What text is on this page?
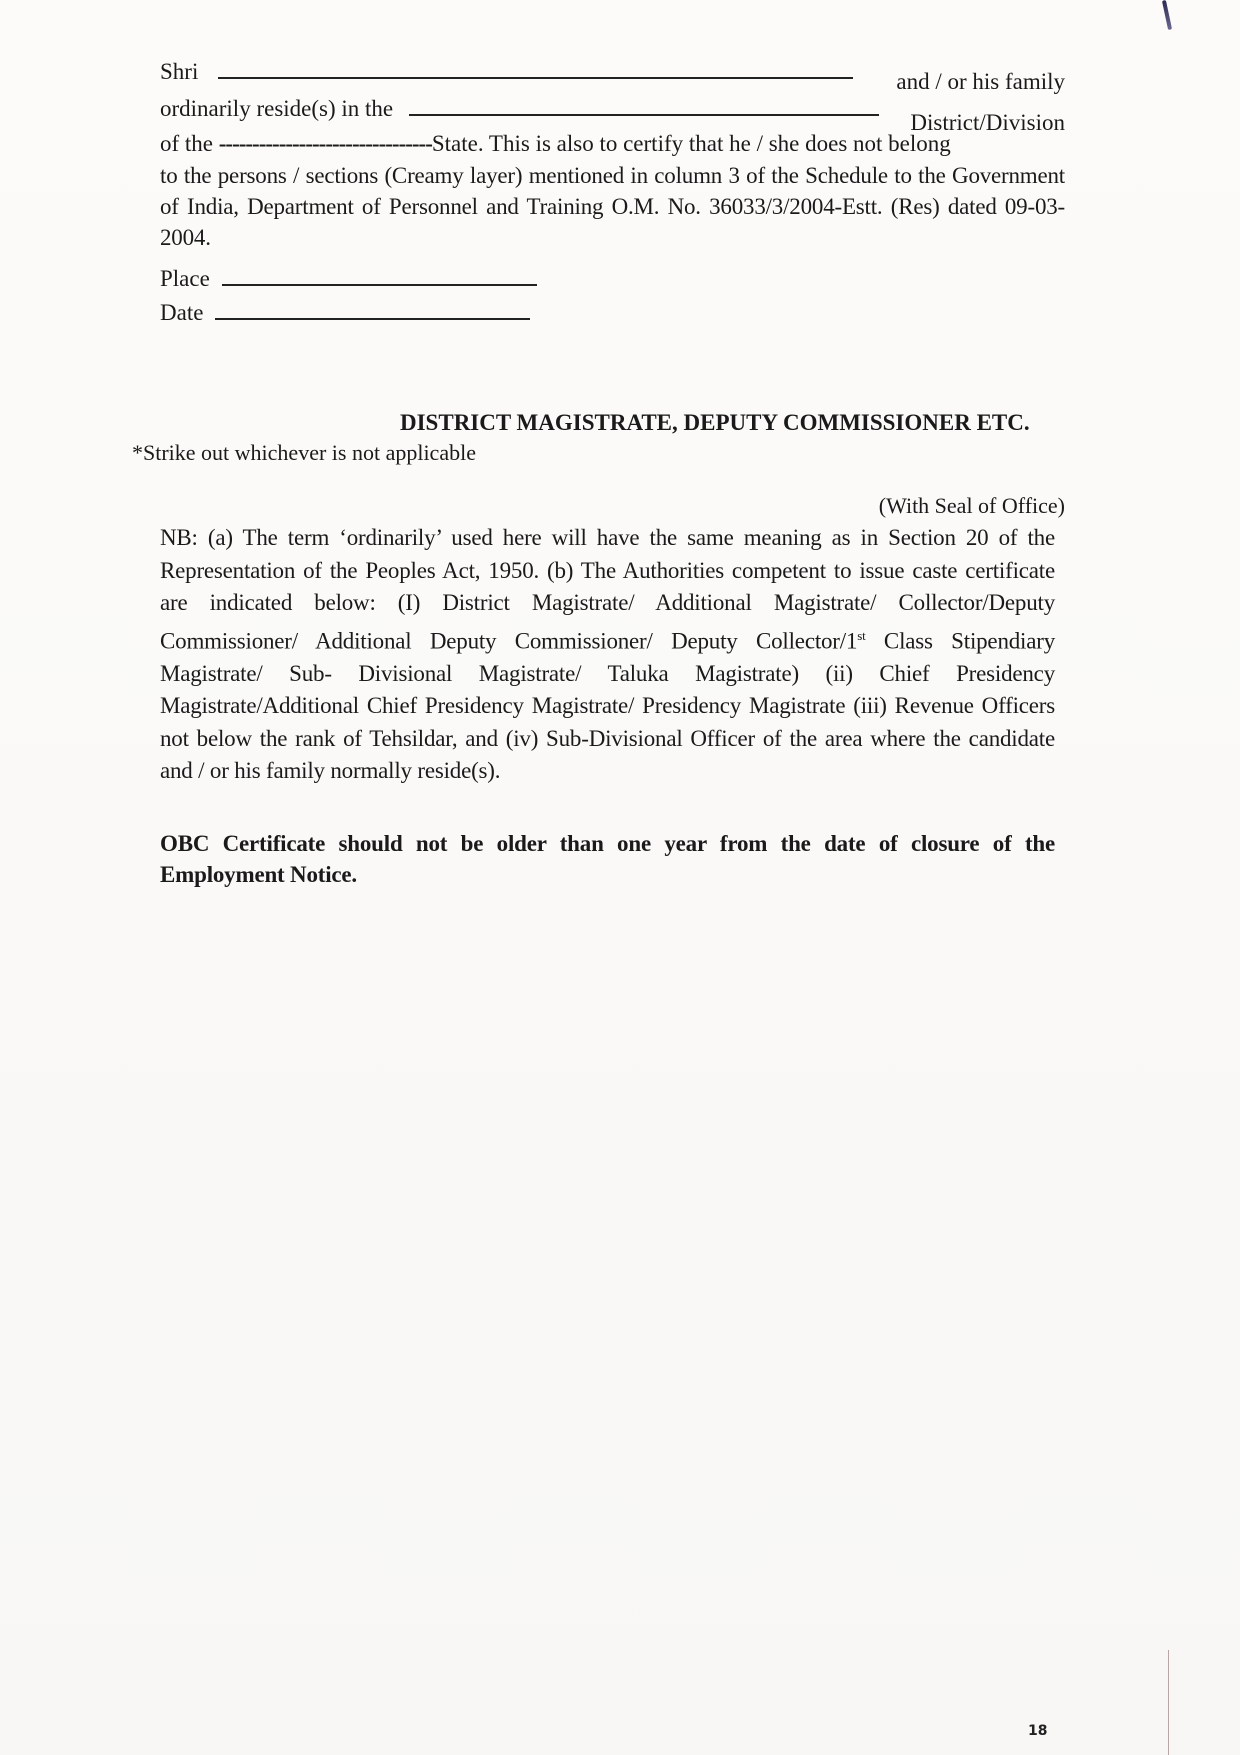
Shri	and / or his family
ordinarily reside(s) in the
District/Division
of the --------------------------------State. This is also to certify that he / she does not belong
to the persons / sections (Creamy layer) mentioned in column 3 of the Schedule to the Government of India, Department of Personnel and Training O.M. No. 36033/3/2004-Estt. (Res) dated 09-03-2004.
Place
Date
DISTRICT MAGISTRATE, DEPUTY COMMISSIONER ETC.
*Strike out whichever is not applicable
(With Seal of Office)
NB: (a) The term ‘ordinarily’ used here will have the same meaning as in Section 20 of the Representation of the Peoples Act, 1950. (b) The Authorities competent to issue caste certificate are indicated below: (I) District Magistrate/ Additional Magistrate/ Collector/Deputy Commissioner/ Additional Deputy Commissioner/ Deputy Collector/1st Class Stipendiary Magistrate/ Sub- Divisional Magistrate/ Taluka Magistrate) (ii) Chief Presidency Magistrate/Additional Chief Presidency Magistrate/ Presidency Magistrate (iii) Revenue Officers not below the rank of Tehsildar, and (iv) Sub-Divisional Officer of the area where the candidate and / or his family normally reside(s).
OBC Certificate should not be older than one year from the date of closure of the Employment Notice.
18
